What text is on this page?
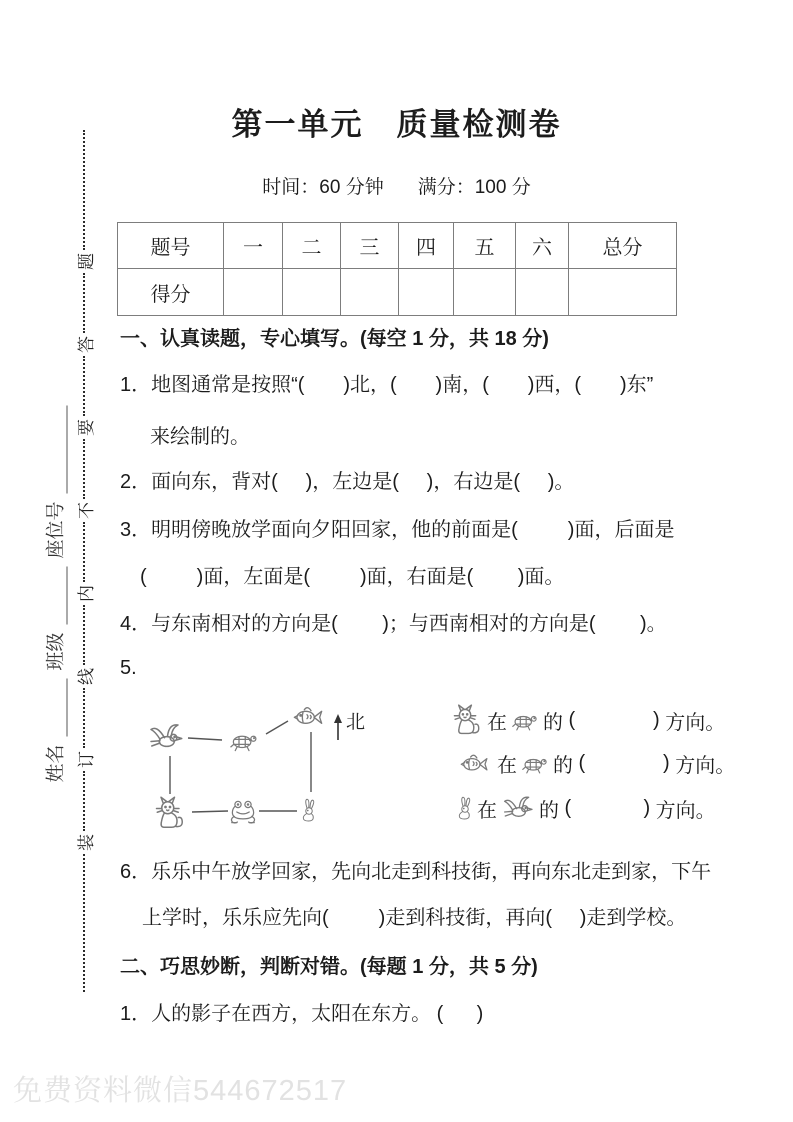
装
订
线
内
不
要
答
题
姓名
班级
座位号
第一单元　质量检测卷
时间：60 分钟 满分：100 分
题号	一	二	三	四	五	六	总分
得分							
一、认真读题，专心填写。(每空 1 分，共 18 分)
1．地图通常是按照“(       )北，(       )南，(       )西，(       )东”
来绘制的。
2．面向东，背对(     )，左边是(     )，右边是(     )。
3．明明傍晚放学面向夕阳回家，他的前面是(         )面，后面是
(         )面，左面是(         )面，右面是(        )面。
4．与东南相对的方向是(        )；与西南相对的方向是(        )。
5.
北	在 的 (              ) 方向。
在 的 (              ) 方向。
在 的 (             ) 方向。
6．乐乐中午放学回家，先向北走到科技街，再向东北走到家，下午
上学时，乐乐应先向(         )走到科技街，再向(     )走到学校。
二、巧思妙断，判断对错。(每题 1 分，共 5 分)
1．人的影子在西方，太阳在东方。 (      )
免费资料微信544672517
